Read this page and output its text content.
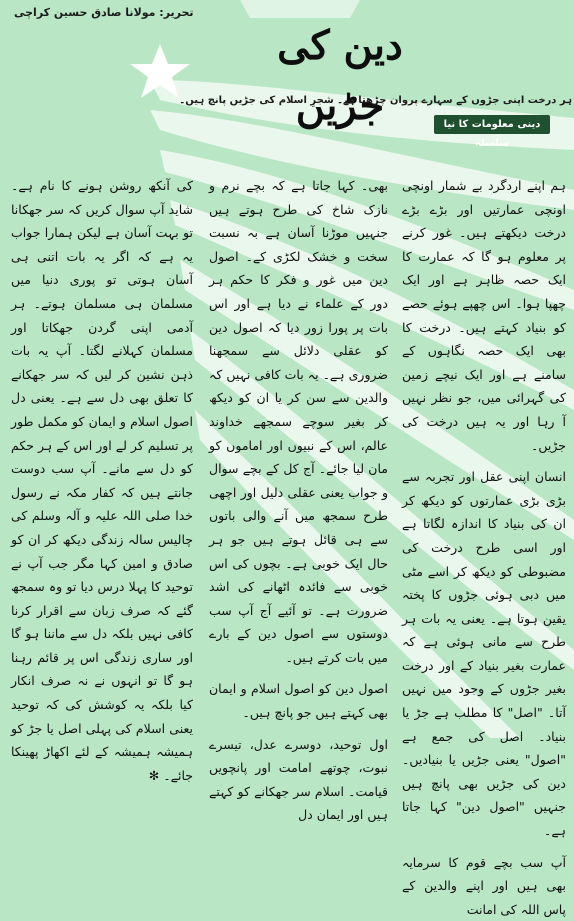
تحریر: مولانا صادق حسین کراچی
دین کی جڑیں
ہر درخت اپنی جڑوں کے سہارے پروان چڑھتا ہے۔ شجرِ اسلام کی جڑیں پانچ ہیں۔
دینی معلومات کا نیا سلسلہ

ہم اپنے اردگرد بے شمار اونچی اونچی عمارتیں اور بڑے بڑے درخت دیکھتے ہیں۔ غور کرنے پر معلوم ہو گا کہ عمارت کا ایک حصہ ظاہر ہے اور ایک چھپا ہوا۔ اس چھپے ہوئے حصے کو بنیاد کہتے ہیں۔ درخت کا بھی ایک حصہ نگاہوں کے سامنے ہے اور ایک نیچے زمین کی گہرائی میں، جو نظر نہیں آ رہا اور یہ ہیں درخت کی جڑیں۔

انسان اپنی عقل اور تجربہ سے بڑی بڑی عمارتوں کو دیکھ کر ان کی بنیاد کا اندازہ لگاتا ہے اور اسی طرح درخت کی مضبوطی کو دیکھ کر اسے مٹی میں دبی ہوئی جڑوں کا پختہ یقین ہوتا ہے۔ یعنی یہ بات ہر طرح سے مانی ہوئی ہے کہ عمارت بغیر بنیاد کے اور درخت بغیر جڑوں کے وجود میں نہیں آتا۔ "اصل" کا مطلب ہے جڑ یا بنیاد۔ اصل کی جمع ہے "اصول" یعنی جڑیں یا بنیادیں۔ دین کی جڑیں بھی پانچ ہیں جنہیں "اصول دین" کہا جاتا ہے۔

آپ سب بچے قوم کا سرمایہ بھی ہیں اور اپنے والدین کے پاس اللہ کی امانت

بھی۔ کہا جاتا ہے کہ بچے نرم و نازک شاخ کی طرح ہوتے ہیں جنہیں موڑنا آسان ہے بہ نسبت سخت و خشک لکڑی کے۔ اصول دین میں غور و فکر کا حکم ہر دور کے علماء نے دیا ہے اور اس بات پر پورا زور دیا کہ اصول دین کو عقلی دلائل سے سمجھنا ضروری ہے۔ یہ بات کافی نہیں کہ والدین سے سن کر یا ان کو دیکھ کر بغیر سوچے سمجھے خداوند عالم، اس کے نبیوں اور اماموں کو مان لیا جائے۔ آج کل کے بچے سوال و جواب یعنی عقلی دلیل اور اچھی طرح سمجھ میں آنے والی باتوں سے ہی قائل ہوتے ہیں جو ہر حال ایک خوبی ہے۔ بچوں کی اس خوبی سے فائدہ اٹھانے کی اشد ضرورت ہے۔ تو آئیے آج آپ سب دوستوں سے اصول دین کے بارے میں بات کرتے ہیں۔

اصول دین کو اصول اسلام و ایمان بھی کہتے ہیں جو پانچ ہیں۔

اول توحید، دوسرے عدل، تیسرے نبوت، چوتھے امامت اور پانچویں قیامت۔ اسلام سر جھکانے کو کہتے ہیں اور ایمان دل

کی آنکھ روشن ہونے کا نام ہے۔ شاید آپ سوال کریں کہ سر جھکانا تو بہت آسان ہے لیکن ہمارا جواب یہ ہے کہ اگر یہ بات اتنی ہی آسان ہوتی تو پوری دنیا میں مسلمان ہی مسلمان ہوتے۔ ہر آدمی اپنی گردن جھکاتا اور مسلمان کہلانے لگتا۔ آپ یہ بات ذہن نشین کر لیں کہ سر جھکانے کا تعلق بھی دل سے ہے۔ یعنی دل اصول اسلام و ایمان کو مکمل طور پر تسلیم کر لے اور اس کے ہر حکم کو دل سے مانے۔ آپ سب دوست جانتے ہیں کہ کفار مکہ نے رسول خدا صلی اللہ علیہ و آلہ وسلم کی چالیس سالہ زندگی دیکھ کر ان کو صادق و امین کہا مگر جب آپ نے توحید کا پہلا درس دیا تو وہ سمجھ گئے کہ صرف زبان سے اقرار کرنا کافی نہیں بلکہ دل سے ماننا ہو گا اور ساری زندگی اس پر قائم رہنا ہو گا تو انہوں نے نہ صرف انکار کیا بلکہ یہ کوشش کی کہ توحید یعنی اسلام کی پہلی اصل یا جڑ کو ہمیشہ ہمیشہ کے لئے اکھاڑ پھینکا جائے۔ ✻
